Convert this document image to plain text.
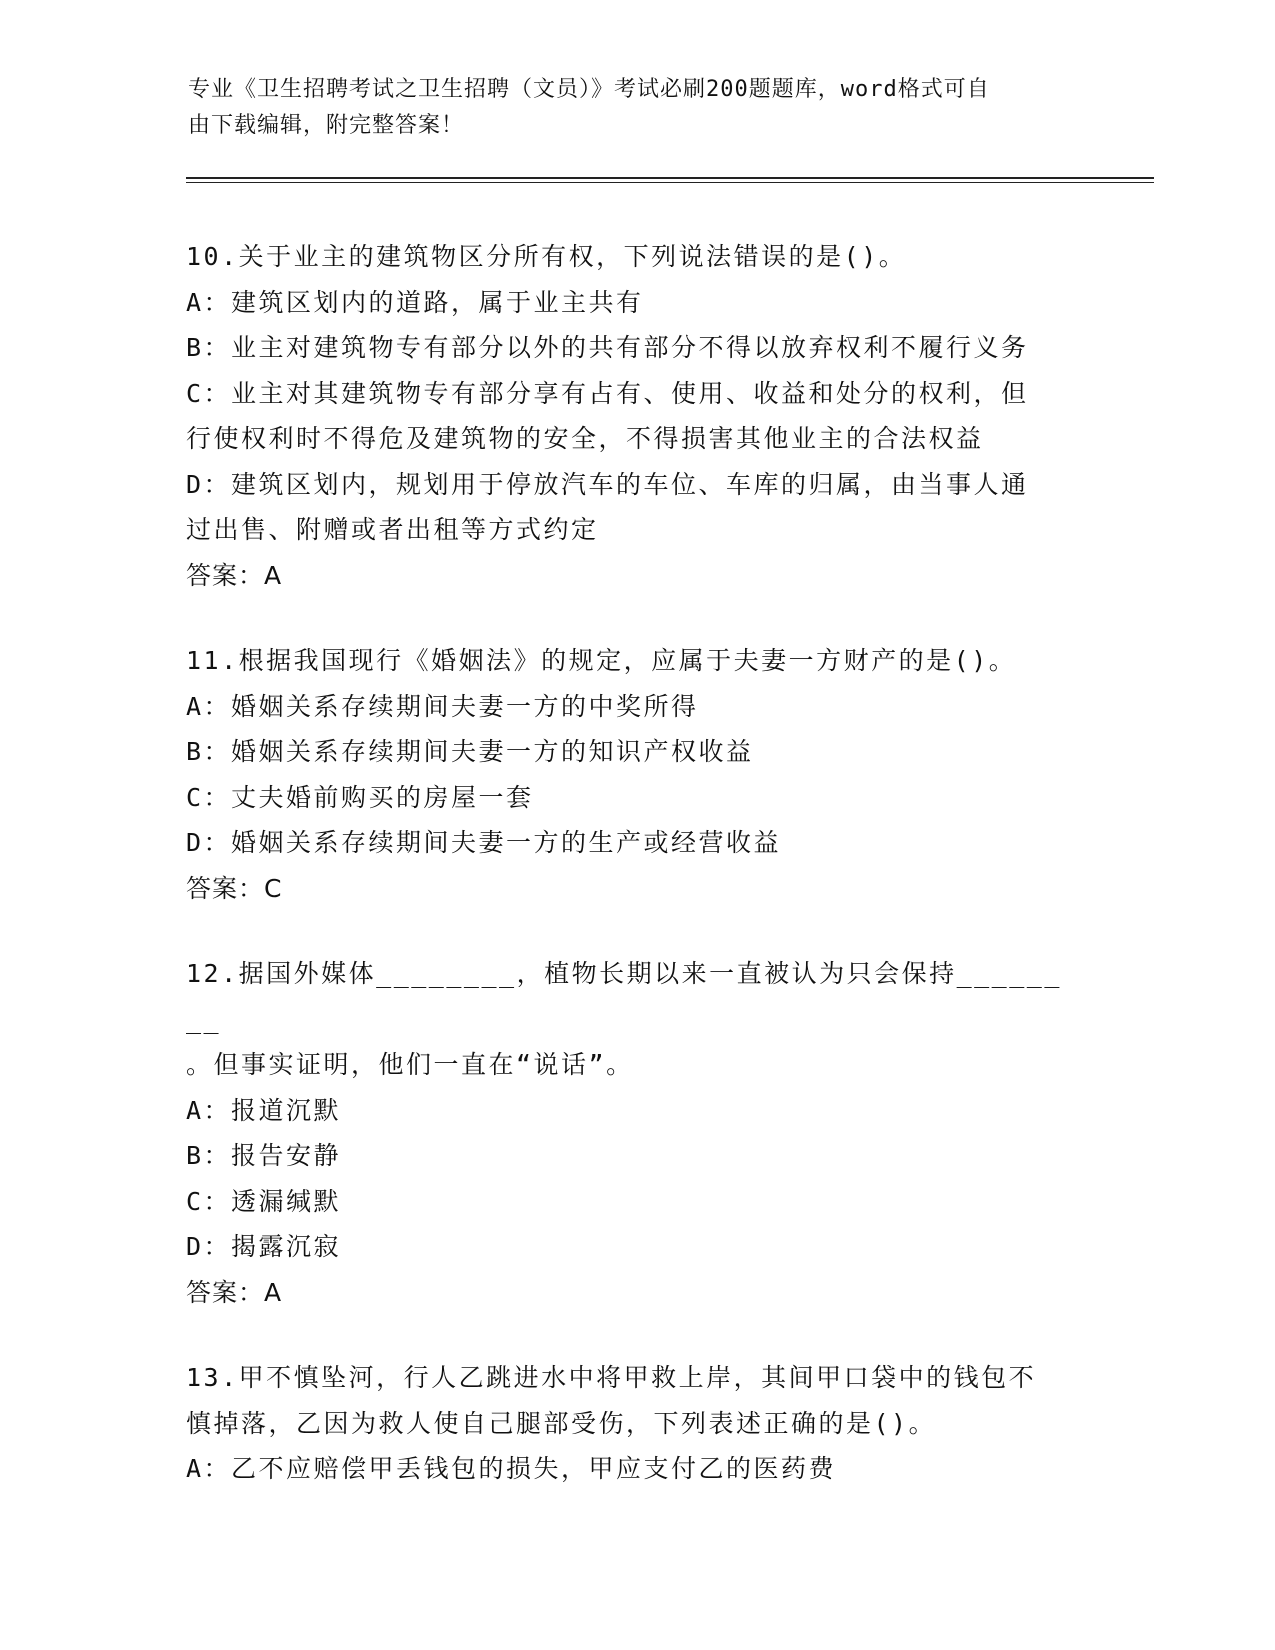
专业《卫生招聘考试之卫生招聘（文员）》考试必刷200题题库，word格式可自
由下载编辑，附完整答案！
10.关于业主的建筑物区分所有权，下列说法错误的是()。
A：建筑区划内的道路，属于业主共有
B：业主对建筑物专有部分以外的共有部分不得以放弃权利不履行义务
C：业主对其建筑物专有部分享有占有、使用、收益和处分的权利，但
行使权利时不得危及建筑物的安全，不得损害其他业主的合法权益
D：建筑区划内，规划用于停放汽车的车位、车库的归属，由当事人通
过出售、附赠或者出租等方式约定
答案：A
11.根据我国现行《婚姻法》的规定，应属于夫妻一方财产的是()。
A：婚姻关系存续期间夫妻一方的中奖所得
B：婚姻关系存续期间夫妻一方的知识产权收益
C：丈夫婚前购买的房屋一套
D：婚姻关系存续期间夫妻一方的生产或经营收益
答案：C
12.据国外媒体________，植物长期以来一直被认为只会保持________
。但事实证明，他们一直在“说话”。
A：报道沉默
B：报告安静
C：透漏缄默
D：揭露沉寂
答案：A
13.甲不慎坠河，行人乙跳进水中将甲救上岸，其间甲口袋中的钱包不
慎掉落，乙因为救人使自己腿部受伤，下列表述正确的是()。
A：乙不应赔偿甲丢钱包的损失，甲应支付乙的医药费
